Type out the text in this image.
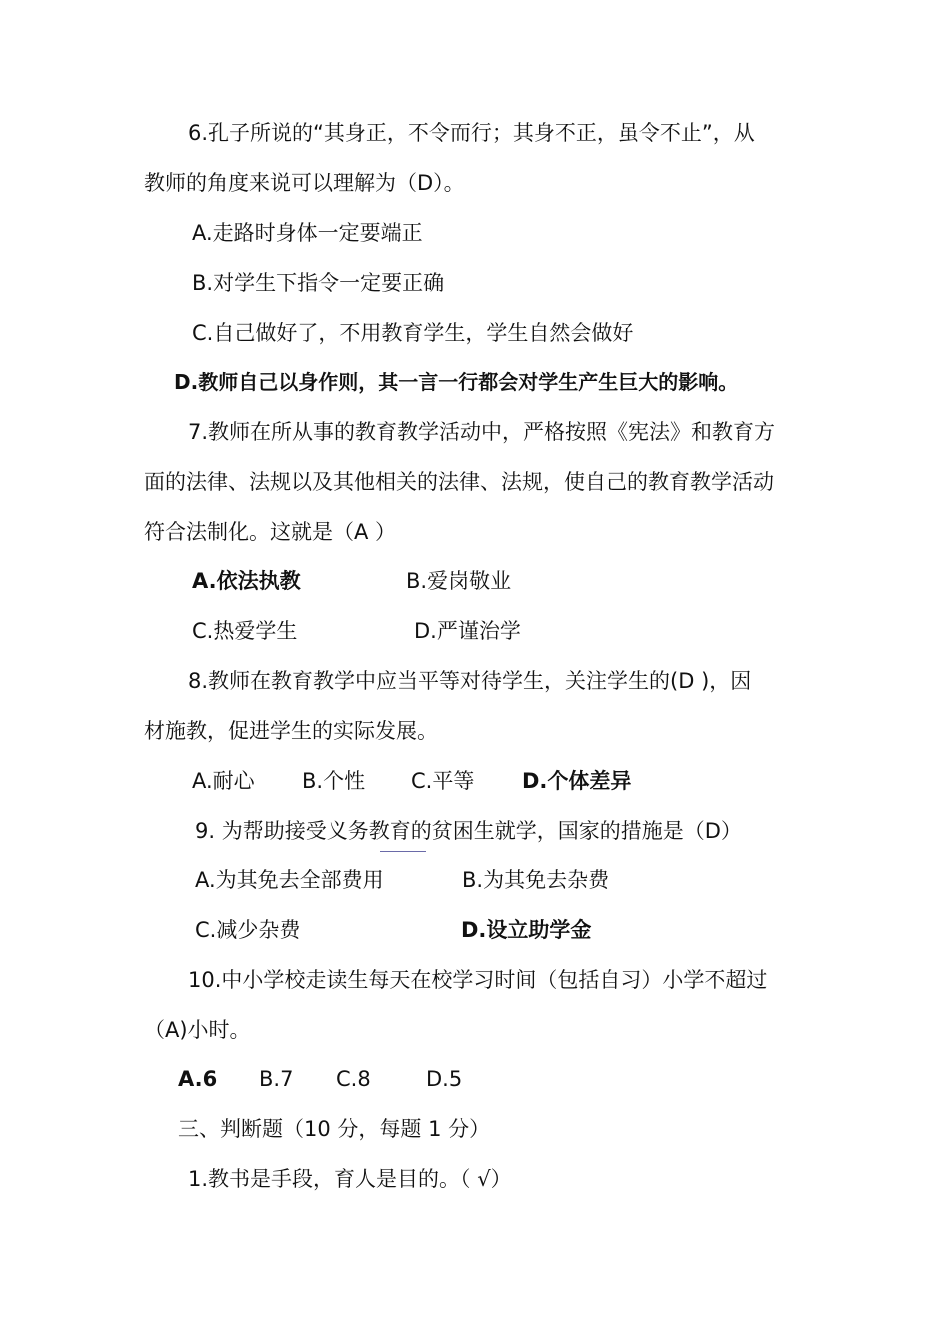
6.孔子所说的“其身正，不令而行；其身不正，虽令不止”，从
教师的角度来说可以理解为（D）。
A.走路时身体一定要端正
B.对学生下指令一定要正确
C.自己做好了，不用教育学生，学生自然会做好
D.教师自己以身作则，其一言一行都会对学生产生巨大的影响。
7.教师在所从事的教育教学活动中，严格按照《宪法》和教育方
面的法律、法规以及其他相关的法律、法规，使自己的教育教学活动
符合法制化。这就是（A ）
A.依法执教	B.爱岗敬业
C.热爱学生	D.严谨治学
8.教师在教育教学中应当平等对待学生，关注学生的(D )，因
材施教，促进学生的实际发展。
A.耐心 B.个性 C.平等 D.个体差异
9. 为帮助接受义务教育的贫困生就学，国家的措施是（D）
A.为其免去全部费用	B.为其免去杂费
C.减少杂费	D.设立助学金
10.中小学校走读生每天在校学习时间（包括自习）小学不超过
（A)小时。
A.6 B.7 C.8	D.5
三、判断题（10 分，每题 1 分）
1.教书是手段，育人是目的。（ √）
